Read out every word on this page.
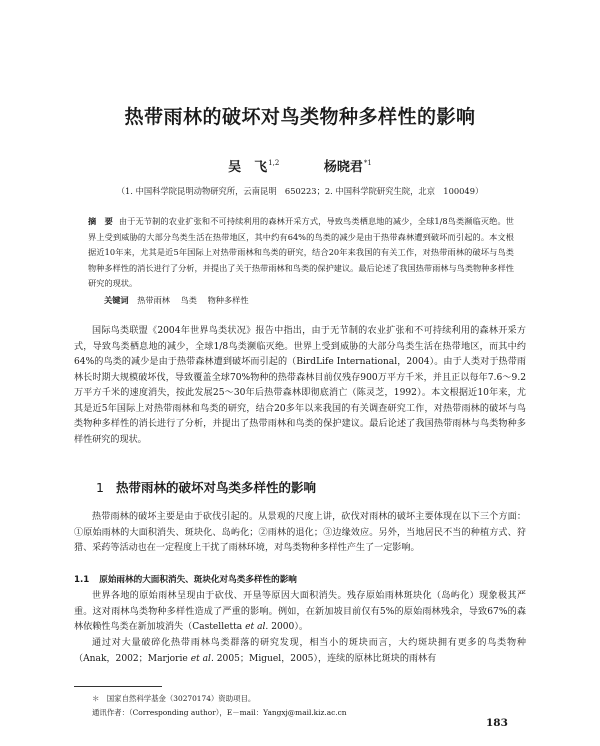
热带雨林的破坏对鸟类物种多样性的影响
吴　飞$^{1,2}$	杨晓君$^{*1}$
（1. 中国科学院昆明动物研究所，云南昆明　650223；2. 中国科学院研究生院，北京　100049）
摘　要 由于无节制的农业扩张和不可持续利用的森林开采方式，导致鸟类栖息地的减少，全球1/8鸟类濒临灭绝。世界上受到威胁的大部分鸟类生活在热带地区，其中约有64%的鸟类的减少是由于热带森林遭到破坏而引起的。本文根据近10年来，尤其是近5年国际上对热带雨林和鸟类的研究，结合20年来我国的有关工作，对热带雨林的破坏与鸟类物种多样性的消长进行了分析，并提出了关于热带雨林和鸟类的保护建议。最后论述了我国热带雨林与鸟类物种多样性研究的现状。
关键词 热带雨林 鸟类 物种多样性
国际鸟类联盟《2004年世界鸟类状况》报告中指出，由于无节制的农业扩张和不可持续利用的森林开采方式，导致鸟类栖息地的减少，全球1/8鸟类濒临灭绝。世界上受到威胁的大部分鸟类生活在热带地区，而其中约64%的鸟类的减少是由于热带森林遭到破坏而引起的（BirdLife International，2004）。由于人类对于热带雨林长时期大规模破坏伐，导致覆盖全球70%物种的热带森林目前仅残存900万平方千米，并且正以每年7.6～9.2万平方千米的速度消失，按此发展25～30年后热带森林即彻底消亡（陈灵芝，1992）。本文根据近10年来，尤其是近5年国际上对热带雨林和鸟类的研究，结合20多年以来我国的有关调查研究工作，对热带雨林的破坏与鸟类物种多样性的消长进行了分析，并提出了热带雨林和鸟类的保护建议。最后论述了我国热带雨林与鸟类物种多样性研究的现状。
1 热带雨林的破坏对鸟类多样性的影响
热带雨林的破坏主要是由于砍伐引起的。从景观的尺度上讲，砍伐对雨林的破坏主要体现在以下三个方面：①原始雨林的大面积消失、斑块化、岛屿化；②雨林的退化；③边缘效应。另外，当地居民不当的种植方式、狩猎、采药等活动也在一定程度上干扰了雨林环境，对鸟类物种多样性产生了一定影响。
1.1 原始雨林的大面积消失、斑块化对鸟类多样性的影响
世界各地的原始雨林呈现由于砍伐、开垦等原因大面积消失。残存原始雨林斑块化（岛屿化）现象极其严重。这对雨林鸟类物种多样性造成了严重的影响。例如，在新加坡目前仅有5%的原始雨林残余，导致67%的森林依赖性鸟类在新加坡消失（Castelletta et al. 2000）。
通过对大量破碎化热带雨林鸟类群落的研究发现，相当小的斑块而言，大约斑块拥有更多的鸟类物种（Anak，2002；Marjorie et al. 2005；Miguel，2005），连续的原林比斑块的雨林有
＊　国家自然科学基金（30270174）资助项目。
通讯作者：（Corresponding author），E－mail：Yangxj@mail.kiz.ac.cn
183
